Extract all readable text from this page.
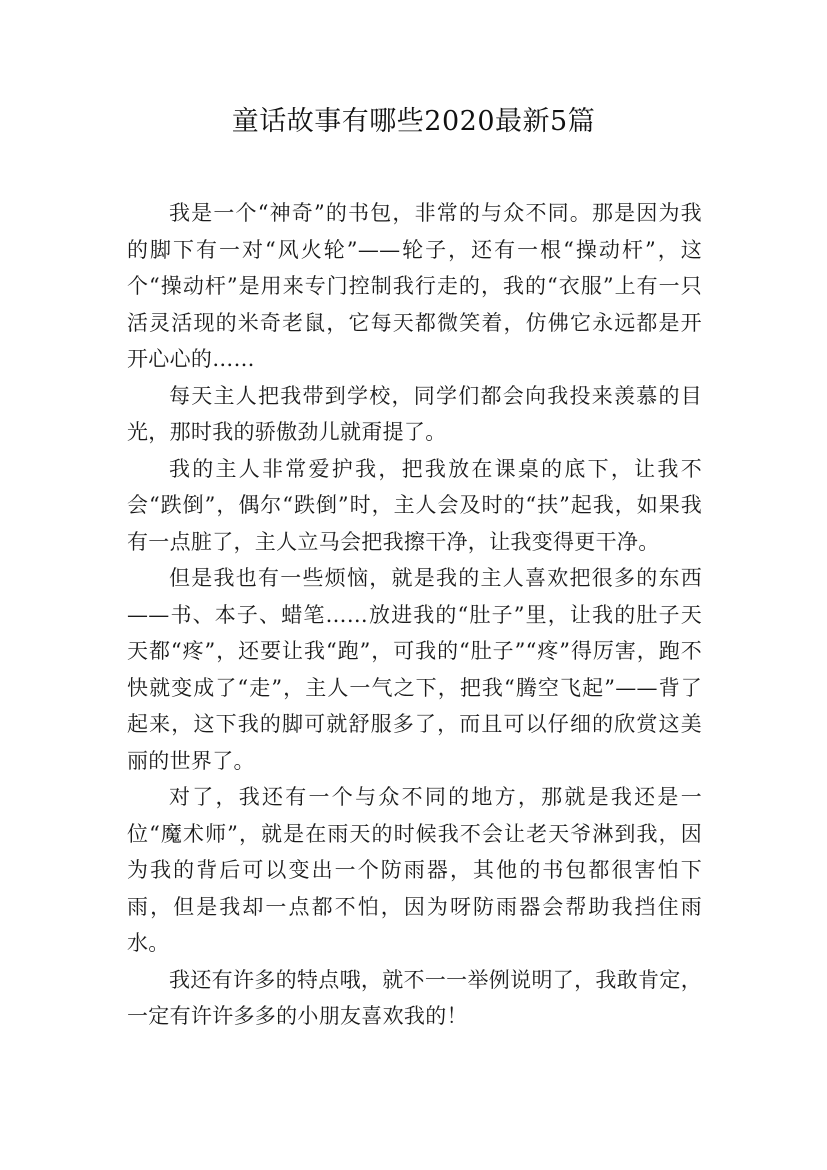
童话故事有哪些2020最新5篇

我是一个“神奇”的书包，非常的与众不同。那是因为我的脚下有一对“风火轮”——轮子，还有一根“操动杆”，这个“操动杆”是用来专门控制我行走的，我的“衣服”上有一只活灵活现的米奇老鼠，它每天都微笑着，仿佛它永远都是开开心心的……

每天主人把我带到学校，同学们都会向我投来羡慕的目光，那时我的骄傲劲儿就甭提了。

我的主人非常爱护我，把我放在课桌的底下，让我不会“跌倒”，偶尔“跌倒”时，主人会及时的“扶”起我，如果我有一点脏了，主人立马会把我擦干净，让我变得更干净。

但是我也有一些烦恼，就是我的主人喜欢把很多的东西——书、本子、蜡笔……放进我的“肚子”里，让我的肚子天天都“疼”，还要让我“跑”，可我的“肚子”“疼”得厉害，跑不快就变成了“走”，主人一气之下，把我“腾空飞起”——背了起来，这下我的脚可就舒服多了，而且可以仔细的欣赏这美丽的世界了。

对了，我还有一个与众不同的地方，那就是我还是一位“魔术师”，就是在雨天的时候我不会让老天爷淋到我，因为我的背后可以变出一个防雨器，其他的书包都很害怕下雨，但是我却一点都不怕，因为呀防雨器会帮助我挡住雨水。

我还有许多的特点哦，就不一一举例说明了，我敢肯定，一定有许许多多的小朋友喜欢我的！
